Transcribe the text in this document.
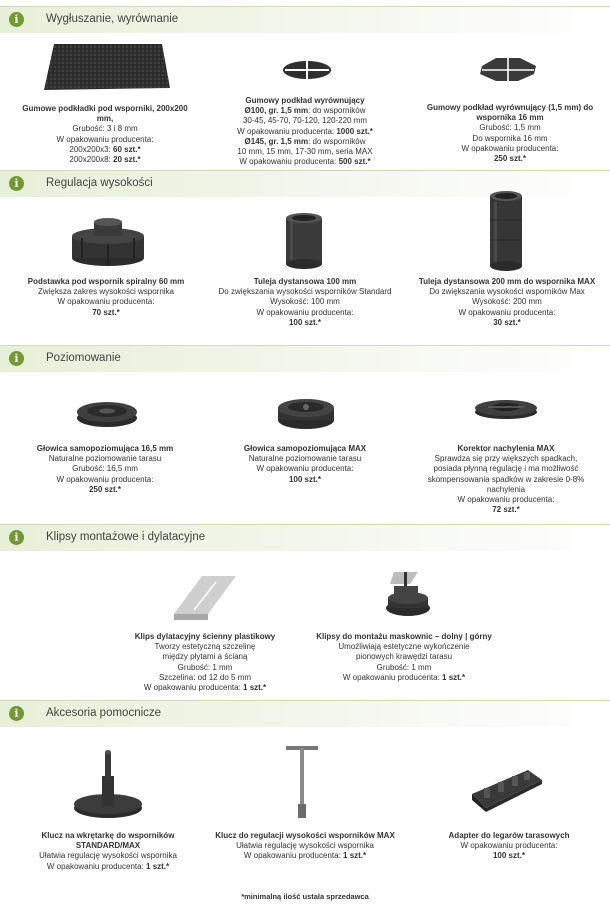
i	Wygłuszanie, wyrównanie
Gumowe podkładki pod wsporniki, 200x200 mm,
Grubość: 3 i 8 mm
W opakowaniu producenta:
200x200x3: 60 szt.*
200x200x8: 20 szt.*
Gumowy podkład wyrównujący
Ø100, gr. 1,5 mm: do wsporników
30-45, 45-70, 70-120, 120-220 mm
W opakowaniu producenta: 1000 szt.*
Ø145, gr. 1,5 mm: do wsporników
10 mm, 15 mm, 17-30 mm, seria MAX
W opakowaniu producenta: 500 szt.*
Gumowy podkład wyrównujący (1,5 mm) do wspornika 16 mm
Grubość: 1,5 mm
Do wspornika 16 mm
W opakowaniu producenta:
250 szt.*
i	Regulacja wysokości
Podstawka pod wspornik spiralny 60 mm
Zwiększa zakres wysokości wspornika
W opakowaniu producenta:
70 szt.*
Tuleja dystansowa 100 mm
Do zwiększania wysokości wsporników Standard
Wysokość: 100 mm
W opakowaniu producenta:
100 szt.*
Tuleja dystansowa 200 mm do wspornika MAX
Do zwiększania wysokości wsporników Max
Wysokość: 200 mm
W opakowaniu producenta:
30 szt.*
i	Poziomowanie
Głowica samopoziomująca 16,5 mm
Naturalne poziomowanie tarasu
Grubość: 16,5 mm
W opakowaniu producenta:
250 szt.*
Głowica samopoziomująca MAX
Naturalne poziomowanie tarasu
W opakowaniu producenta:
100 szt.*
Korektor nachylenia MAX
Sprawdza się przy większych spadkach,
posiada płynną regulację i ma możliwość
skompensowania spadków w zakresie 0-8%
nachylenia
W opakowaniu producenta:
72 szt.*
i	Klipsy montażowe i dylatacyjne
Klips dylatacyjny ścienny plastikowy
Tworzy estetyczną szczelinę
między płytami a ścianą
Grubość: 1 mm
Szczelina: od 12 do 5 mm
W opakowaniu producenta: 1 szt.*
Klipsy do montażu maskownic – dolny | górny
Umożliwiają estetyczne wykończenie
pionowych krawędzi tarasu
Grubość: 1 mm
W opakowaniu producenta: 1 szt.*
i	Akcesoria pomocnicze
Klucz na wkrętarkę do wsporników STANDARD/MAX
Ułatwia regulację wysokości wspornika
W opakowaniu producenta: 1 szt.*
Klucz do regulacji wysokości wsporników MAX
Ułatwia regulację wysokości wspornika
W opakowaniu producenta: 1 szt.*
Adapter do legarów tarasowych
W opakowaniu producenta:
100 szt.*
*minimalną ilość ustala sprzedawca
